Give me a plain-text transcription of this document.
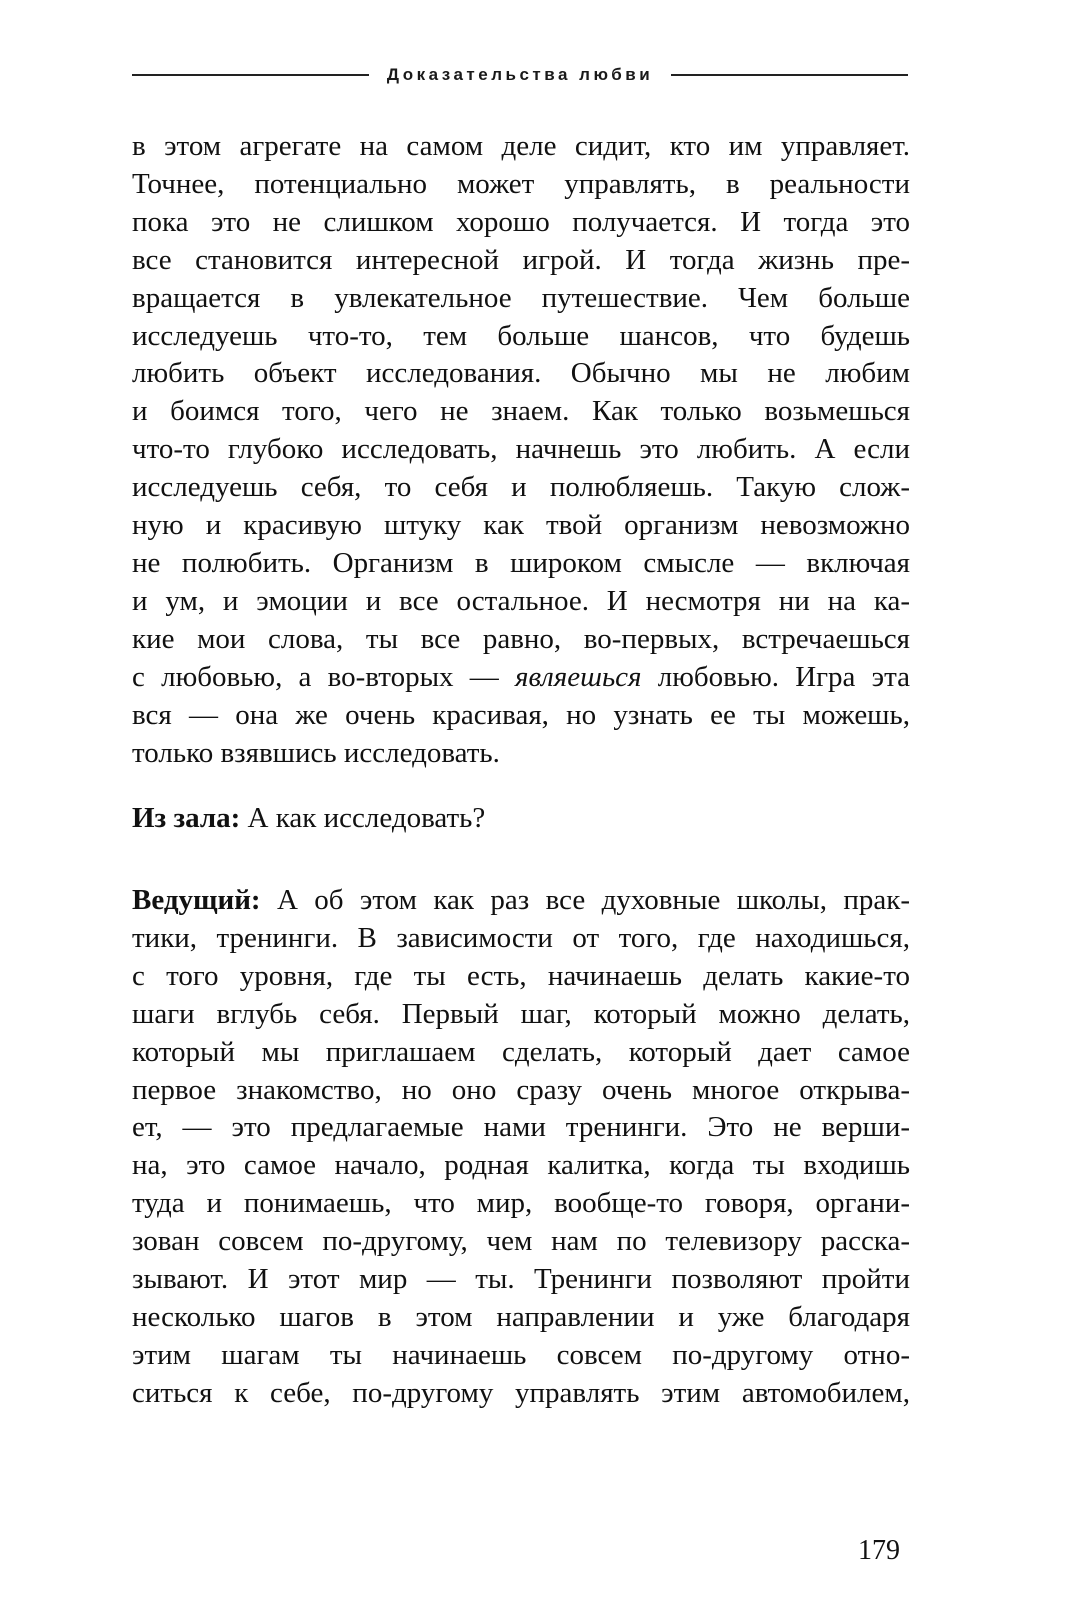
Доказательства любви
в этом агрегате на самом деле сидит, кто им управляет.
Точнее, потенциально может управлять, в реальности
пока это не слишком хорошо получается. И тогда это
все становится интересной игрой. И тогда жизнь пре-
вращается в увлекательное путешествие. Чем больше
исследуешь что-то, тем больше шансов, что будешь
любить объект исследования. Обычно мы не любим
и боимся того, чего не знаем. Как только возьмешься
что-то глубоко исследовать, начнешь это любить. А если
исследуешь себя, то себя и полюбляешь. Такую слож-
ную и красивую штуку как твой организм невозможно
не полюбить. Организм в широком смысле — включая
и ум, и эмоции и все остальное. И несмотря ни на ка-
кие мои слова, ты все равно, во-первых, встречаешься
с любовью, а во-вторых — являешься любовью. Игра эта
вся — она же очень красивая, но узнать ее ты можешь,
только взявшись исследовать.
Из зала: А как исследовать?
Ведущий: А об этом как раз все духовные школы, прак-
тики, тренинги. В зависимости от того, где находишься,
с того уровня, где ты есть, начинаешь делать какие-то
шаги вглубь себя. Первый шаг, который можно делать,
который мы приглашаем сделать, который дает самое
первое знакомство, но оно сразу очень многое открыва-
ет, — это предлагаемые нами тренинги. Это не верши-
на, это самое начало, родная калитка, когда ты входишь
туда и понимаешь, что мир, вообще-то говоря, органи-
зован совсем по-другому, чем нам по телевизору расска-
зывают. И этот мир — ты. Тренинги позволяют пройти
несколько шагов в этом направлении и уже благодаря
этим шагам ты начинаешь совсем по-другому отно-
ситься к себе, по-другому управлять этим автомобилем,
179
